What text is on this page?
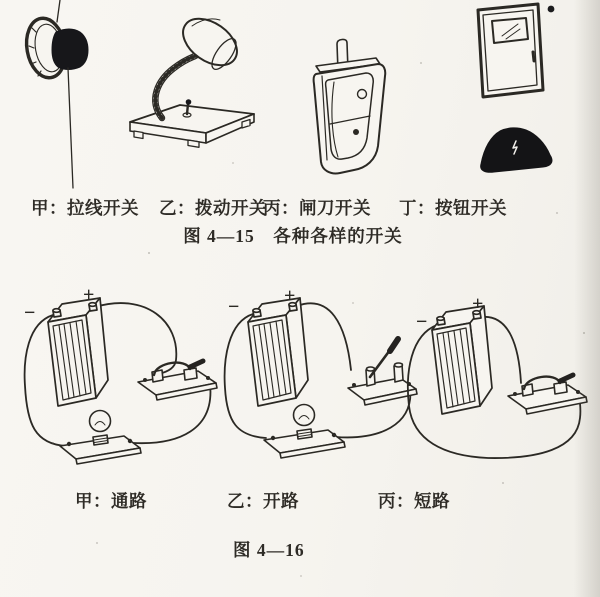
甲：拉线开关 乙：拨动开关
丙：闸刀开关 丁：按钮开关
图 4—15　各种各样的开关
+
−
+
−	+
−
甲：通路	乙：开路	丙：短路
图 4—16
